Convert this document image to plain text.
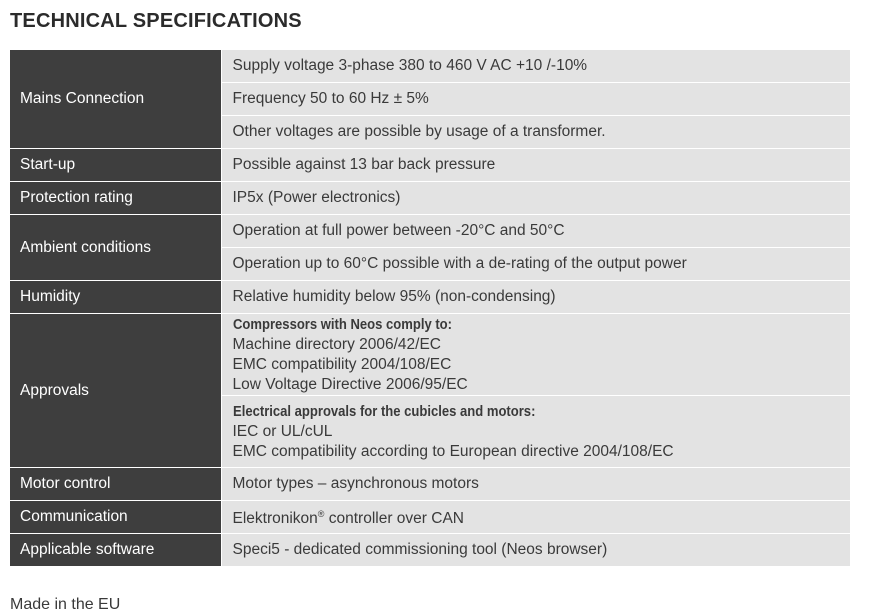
TECHNICAL SPECIFICATIONS
Mains Connection	Supply voltage 3-phase 380 to 460 V AC +10 /-10%
	Frequency 50 to 60 Hz ± 5%
	Other voltages are possible by usage of a transformer.
Start-up	Possible against 13 bar back pressure
Protection rating	IP5x (Power electronics)
Ambient conditions	Operation at full power between -20°C and 50°C
	Operation up to 60°C possible with a de-rating of the output power
Humidity	Relative humidity below 95% (non-condensing)
Approvals	Compressors with Neos comply to:
Machine directory 2006/42/EC
EMC compatibility 2004/108/EC
Low Voltage Directive 2006/95/EC

	Electrical approvals for the cubicles and motors:
IEC or UL/cUL
EMC compatibility according to European directive 2004/108/EC

Motor control	Motor types – asynchronous motors
Communication	Elektronikon® controller over CAN
Applicable software	Speci5 - dedicated commissioning tool (Neos browser)
Made in the EU
